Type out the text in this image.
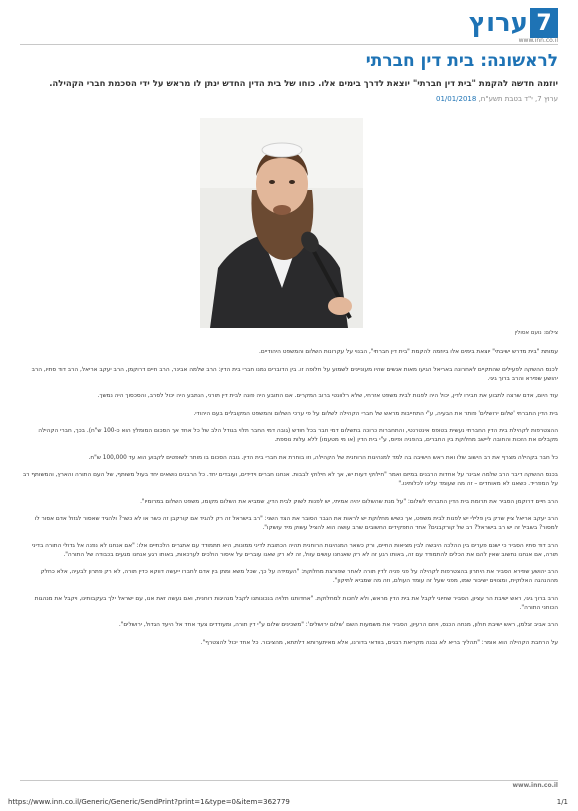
7
ערוץ
www.inn.co.il
לראשונה: בית דין חברתי
יוזמה חדשה להקמת "בית דין חברתי" יוצאת לדרך בימים אלו. כוחו של בית הדין החדש ינתן לו מראש על ידי הסכמת חברי הקהילה.
ערוץ 7, י"ד בטבת תשע"ח, 01/01/2018
צילום: נועם אסולין

עמותת "בית מדרש ישיבתי" יוצאת בימים אלו ביוזמה להקמת "בית דין חברתי", הבנוי על עקרונות השלום והמשפט היהודיים.

לכנס ההשקה לפעילים שהתקיים לאחרונה באריאל הגיעו מאות אנשים שהיו מעוניינים לשמוע על חלופה זו. בין הדוברים נמנו חברי בית הדין: הרב שלמה אבינר, הרב חיים דרוקמן, הרב יעקב אריאל, הרב דוד סתיו, הרב יהושע שפירא והרב ברוך גיגי.

עוד היום, אדם שרצה לתבוע את חבירו לדין, יכול היה לפנות לבית משפט אזרחי, שלא רלוונטי ברוב המקרים. אם התובע היה פונה לבית דין תורני, הנתבע היה יכול לסרב, והסכסוך היה נמשך.

בית הדין החברתי 'שלום ירושלים' פותר את הבעיה, ע"י התחייבות מראש של חברי הקהילה לשלום על פי ערכי השלום והמשפט המקובלים בעם היהודי.

ההצטרפות לקהילת בית הדין החברתי נעשית בטופס אינטרנטי, והתחברות כרוכה בתשלום דמי חבר בכל חודש (גובה דמי החבר תלוי בגודל הלב של כל אחד אך הסכום המומלץ הוא כ-100 ש"ח). בכך, חברי הקהילה מקבלים את הזכות והחובה ליישב מחלוקת בין החברים, בהפניה ופיוס, ע"י בית הדין (או מי מטעמו) ללא עלות נוספת.

כל חבר בקהילה מצרף את רב הישוב שלו ואת ראש הישיבה בה למד למנהיגות הרוחנית של הקהילה, וזו בוחרת את חברי בית הדין. גובה הסכום בו מותר לשופטים לקבוע הוא עד 100,000 ש"ח.

בכנס ההשקה דיבר הרב שלמה אבינר על אחדות הרבנים במיזם ואמר "חילוקי דעות יש, אך לא חילוקי לבבות. אנחנו חברים וידידים, ועובדים יחד. כל הרבנים נושאים יחד בעול משותף, של העם התורה והארץ, והמשותף רב על המפריד. כשאנו לא מאוחדים – זה מה שעומד עלינו לכלותינו."

הרב חיים דרוקמן הסביר את תרומת בית הדין החברתי לשלום: "על מנת שהשלום יהיה אמיתי, יש לפנות לשוק לבית הדין, שמביא את השלום מקומו, משפט השלום במרומיו".

הרב יעקב אריאל ציין שרק בין פלילי יש לפנות לבית משפט, אך כשיש מחלוקת יש לראות את הגבר הסובר את הצד השני: "רב בישראל זה רק להגיד אם קורקבן זה כשר או לא כשר? ולהגיד שאסור לגזול אדם אסור לו למסור? בשביל זה יש רב בישראל? רב של קורקבנים? אחד התפקידים החשובים שרב עושה הוא להציל עשוק מיד עושקו".

הרב דוד סתיו הסביר כי ישנם פערים בין ההלכה היבשה לבין מציאות החיים, ורק כשאר המנהיגות הרוחנית תהיה הכתובת לדיני ממונות, היא תתמודד עם אתגרים הלכתיים אלו: "אם אנחנו לא נפנה אל גדולי התורה בדיני תורה, אם אנחנו נחשוב שאין להם את הכלים להתמודד עם זה, באותו רגע זה לא רק שאנחנו עושים עוול, זה לא רק שאנו עוברים על איסור הולכים לערכאות, באותו רגע אנחנו מגעים בכבודה של התורה".

הרב יהושע שפירא הסביר את היתרון בהצטרפות לקהילה על פני פניה לדין תורה לאחר שפורצת מחלוקת: "העמידה על כך, שכל משא ומתן בין אדם לחברו ייעשה דווקא כדין תורה, לא רק פתרון לבעיה, אלא כחלק מההנהגה האלוקית, ומצווים ישיבור שמו, מפני שעל זה עומד העולם, וזה מה שמביא לתיקון".

הרב ברוך גיגי, ראש ישיבת הר עציון, הסביר שחיוני לקבל את בית הדין מראש, ולא לחכות למחלוקת. "אחדותנו תלויה בנכונותנו לקבל מנהיגות רוחנית, ואם נעשה זאת אנו, עם ישראל ילך בעקבותינו, ויקבל את מנהגות הכוחני התורה".

הרב אביב זגלמן, ראש ישיבת חולון, מנחה הכנס, ויוזם הרעיון, הסביר את משמעות השם 'שלום ירושלים': "משכינים שלום ע"י דין תורה, ומעודדים צעד אחד אל היעד הגדול, ירושלים".

על הרחבת הקהילה הוא אומר: "תהליך בריא לא נבנה מקריאת רבנים, בוודאי בדורנו, אלא מאיתערותא דלתתא, מהציבור. כל אחד יכול להצטרף".

www.inn.co.il
https://www.inn.co.il/Generic/Generic/SendPrint?print=1&type=0&item=362779	1/1
